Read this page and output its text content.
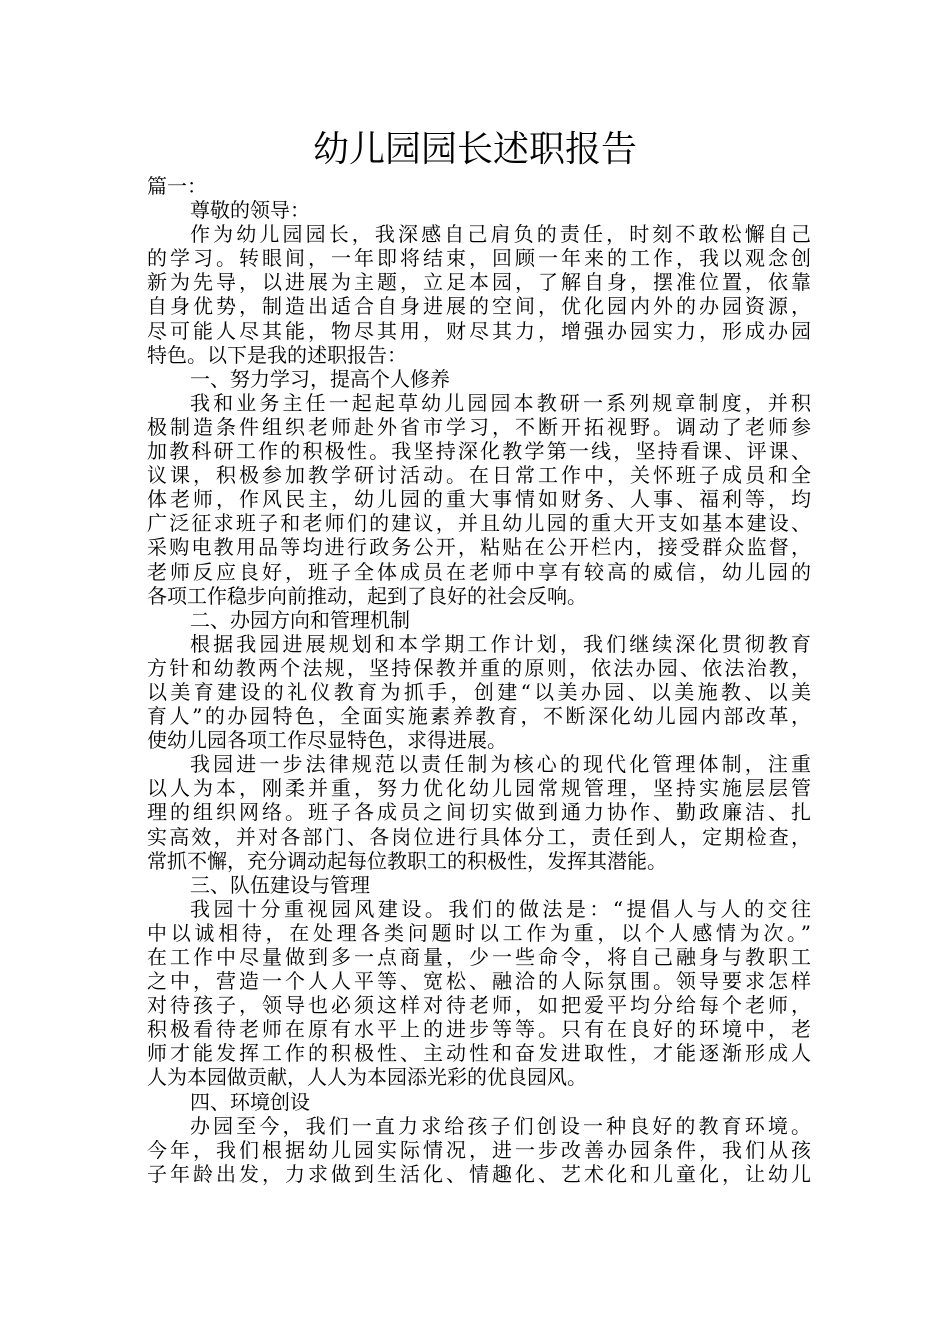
幼儿园园长述职报告
篇一：
尊敬的领导：
作为幼儿园园长，我深感自己肩负的责任，时刻不敢松懈自己
的学习。转眼间，一年即将结束，回顾一年来的工作，我以观念创
新为先导，以进展为主题，立足本园，了解自身，摆准位置，依靠
自身优势，制造出适合自身进展的空间，优化园内外的办园资源，
尽可能人尽其能，物尽其用，财尽其力，增强办园实力，形成办园
特色。以下是我的述职报告：
一、努力学习，提高个人修养
我和业务主任一起起草幼儿园园本教研一系列规章制度，并积
极制造条件组织老师赴外省市学习，不断开拓视野。调动了老师参
加教科研工作的积极性。我坚持深化教学第一线，坚持看课、评课、
议课，积极参加教学研讨活动。在日常工作中，关怀班子成员和全
体老师，作风民主，幼儿园的重大事情如财务、人事、福利等，均
广泛征求班子和老师们的建议，并且幼儿园的重大开支如基本建设、
采购电教用品等均进行政务公开，粘贴在公开栏内，接受群众监督，
老师反应良好，班子全体成员在老师中享有较高的威信，幼儿园的
各项工作稳步向前推动，起到了良好的社会反响。
二、办园方向和管理机制
根据我园进展规划和本学期工作计划，我们继续深化贯彻教育
方针和幼教两个法规，坚持保教并重的原则，依法办园、依法治教，
以美育建设的礼仪教育为抓手，创建“以美办园、以美施教、以美
育人”的办园特色，全面实施素养教育，不断深化幼儿园内部改革，
使幼儿园各项工作尽显特色，求得进展。
我园进一步法律规范以责任制为核心的现代化管理体制，注重
以人为本，刚柔并重，努力优化幼儿园常规管理，坚持实施层层管
理的组织网络。班子各成员之间切实做到通力协作、勤政廉洁、扎
实高效，并对各部门、各岗位进行具体分工，责任到人，定期检查，
常抓不懈，充分调动起每位教职工的积极性，发挥其潜能。
三、队伍建设与管理
我园十分重视园风建设。我们的做法是：“提倡人与人的交往
中以诚相待，在处理各类问题时以工作为重，以个人感情为次。”
在工作中尽量做到多一点商量，少一些命令，将自己融身与教职工
之中，营造一个人人平等、宽松、融洽的人际氛围。领导要求怎样
对待孩子，领导也必须这样对待老师，如把爱平均分给每个老师，
积极看待老师在原有水平上的进步等等。只有在良好的环境中，老
师才能发挥工作的积极性、主动性和奋发进取性，才能逐渐形成人
人为本园做贡献，人人为本园添光彩的优良园风。
四、环境创设
办园至今，我们一直力求给孩子们创设一种良好的教育环境。
今年，我们根据幼儿园实际情况，进一步改善办园条件，我们从孩
子年龄出发，力求做到生活化、情趣化、艺术化和儿童化，让幼儿
